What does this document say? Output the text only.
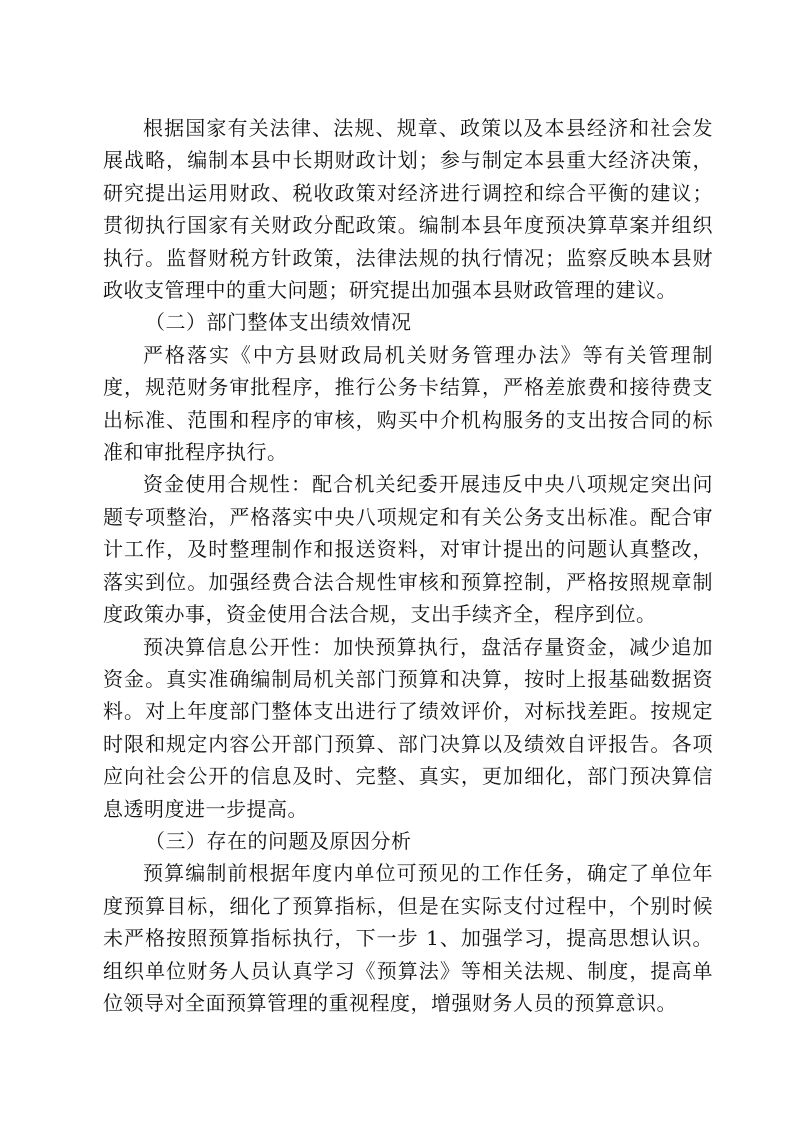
根据国家有关法律、法规、规章、政策以及本县经济和社会发展战略，编制本县中长期财政计划；参与制定本县重大经济决策，研究提出运用财政、税收政策对经济进行调控和综合平衡的建议；贯彻执行国家有关财政分配政策。编制本县年度预决算草案并组织执行。监督财税方针政策，法律法规的执行情况；监察反映本县财政收支管理中的重大问题；研究提出加强本县财政管理的建议。

（二）部门整体支出绩效情况

严格落实《中方县财政局机关财务管理办法》等有关管理制度，规范财务审批程序，推行公务卡结算，严格差旅费和接待费支出标准、范围和程序的审核，购买中介机构服务的支出按合同的标准和审批程序执行。

资金使用合规性：配合机关纪委开展违反中央八项规定突出问题专项整治，严格落实中央八项规定和有关公务支出标准。配合审计工作，及时整理制作和报送资料，对审计提出的问题认真整改，落实到位。加强经费合法合规性审核和预算控制，严格按照规章制度政策办事，资金使用合法合规，支出手续齐全，程序到位。

预决算信息公开性：加快预算执行，盘活存量资金，减少追加资金。真实准确编制局机关部门预算和决算，按时上报基础数据资料。对上年度部门整体支出进行了绩效评价，对标找差距。按规定时限和规定内容公开部门预算、部门决算以及绩效自评报告。各项应向社会公开的信息及时、完整、真实，更加细化，部门预决算信息透明度进一步提高。

（三）存在的问题及原因分析

预算编制前根据年度内单位可预见的工作任务，确定了单位年度预算目标，细化了预算指标，但是在实际支付过程中，个别时候未严格按照预算指标执行，下一步 1、加强学习，提高思想认识。组织单位财务人员认真学习《预算法》等相关法规、制度，提高单位领导对全面预算管理的重视程度，增强财务人员的预算意识。
